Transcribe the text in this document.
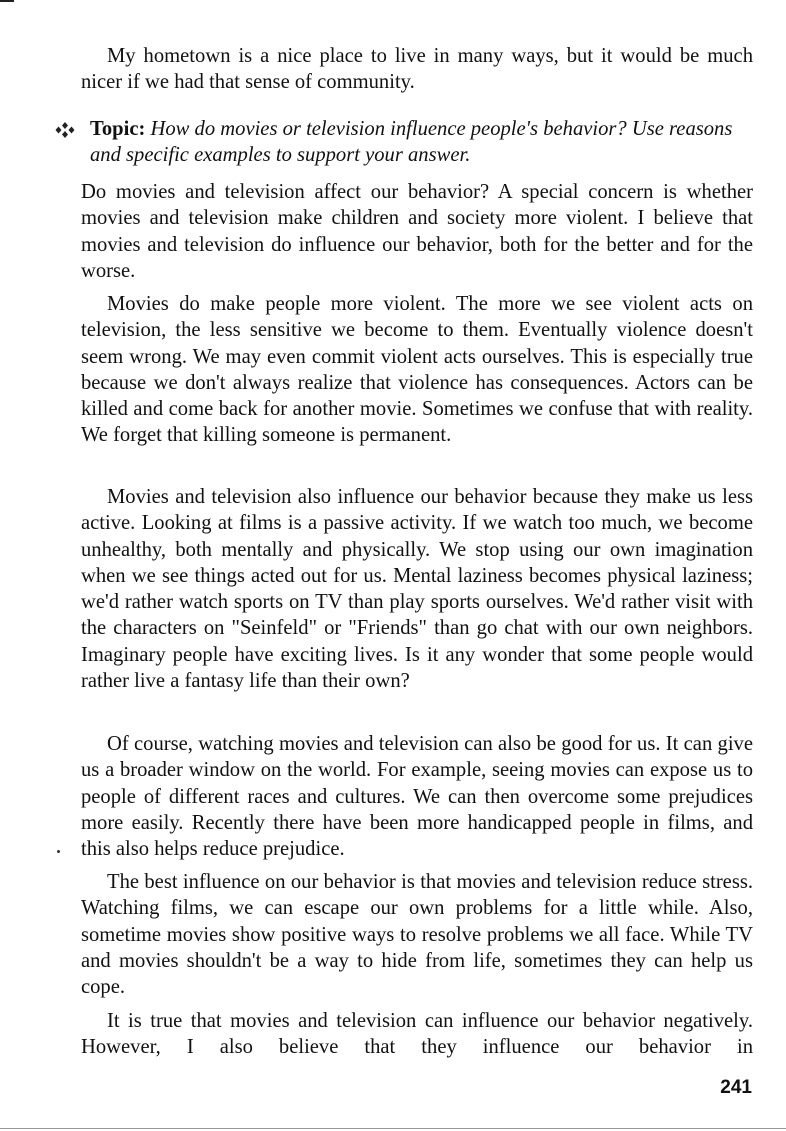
My hometown is a nice place to live in many ways, but it would be much nicer if we had that sense of community.

Topic: How do movies or television influence people's behavior? Use reasons and specific examples to support your answer.

Do movies and television affect our behavior? A special concern is whether movies and television make children and society more violent. I believe that movies and television do influence our behavior, both for the better and for the worse.

Movies do make people more violent. The more we see violent acts on television, the less sensitive we become to them. Eventually violence doesn't seem wrong. We may even commit violent acts ourselves. This is especially true because we don't always realize that violence has consequences. Actors can be killed and come back for another movie. Sometimes we confuse that with reality. We forget that killing someone is permanent.

Movies and television also influence our behavior because they make us less active. Looking at films is a passive activity. If we watch too much, we become unhealthy, both mentally and physically. We stop using our own imagination when we see things acted out for us. Mental laziness becomes physical laziness; we'd rather watch sports on TV than play sports ourselves. We'd rather visit with the characters on "Seinfeld" or "Friends" than go chat with our own neighbors. Imaginary people have exciting lives. Is it any wonder that some people would rather live a fantasy life than their own?

Of course, watching movies and television can also be good for us. It can give us a broader window on the world. For example, seeing movies can expose us to people of different races and cultures. We can then overcome some prejudices more easily. Recently there have been more handicapped people in films, and this also helps reduce prejudice.

The best influence on our behavior is that movies and television reduce stress. Watching films, we can escape our own problems for a little while. Also, sometime movies show positive ways to resolve problems we all face. While TV and movies shouldn't be a way to hide from life, sometimes they can help us cope.

It is true that movies and television can influence our behavior negatively. However, I also believe that they influence our behavior in

241
